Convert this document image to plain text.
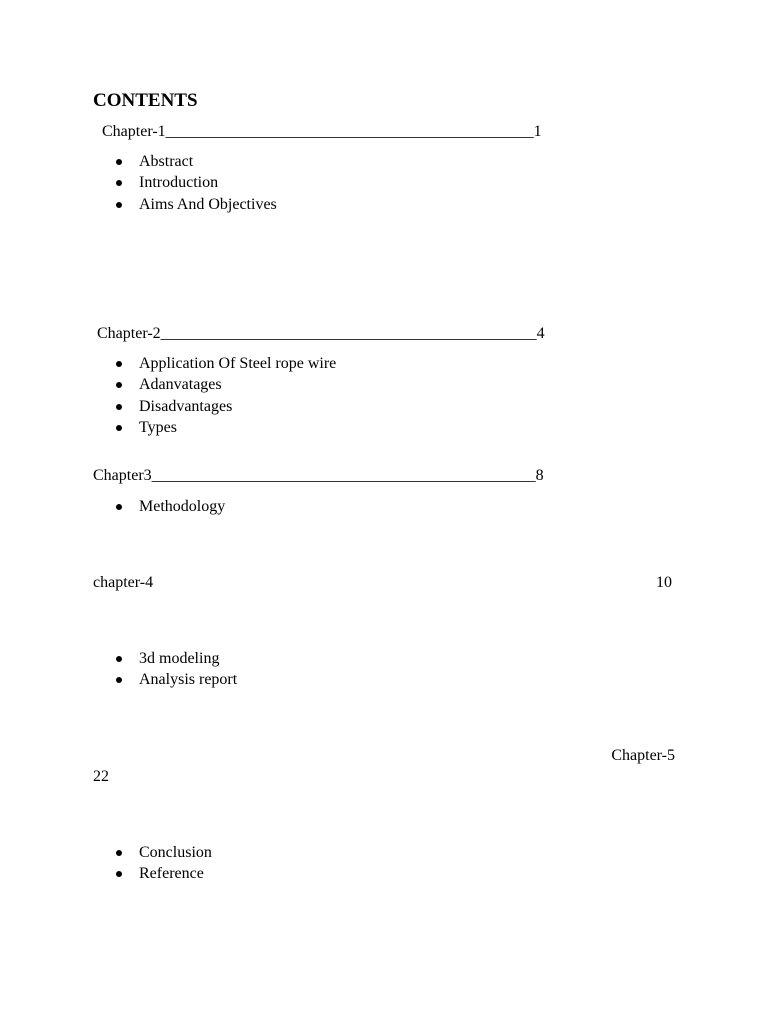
CONTENTS
Chapter-1______________________________________________1
Abstract
Introduction
Aims And Objectives
Chapter-2_______________________________________________4
Application Of Steel rope wire
Adanvatages
Disadvantages
Types
Chapter3________________________________________________8
Methodology
chapter-4	10
3d modeling
Analysis report
Chapter-5
22
Conclusion
Reference
